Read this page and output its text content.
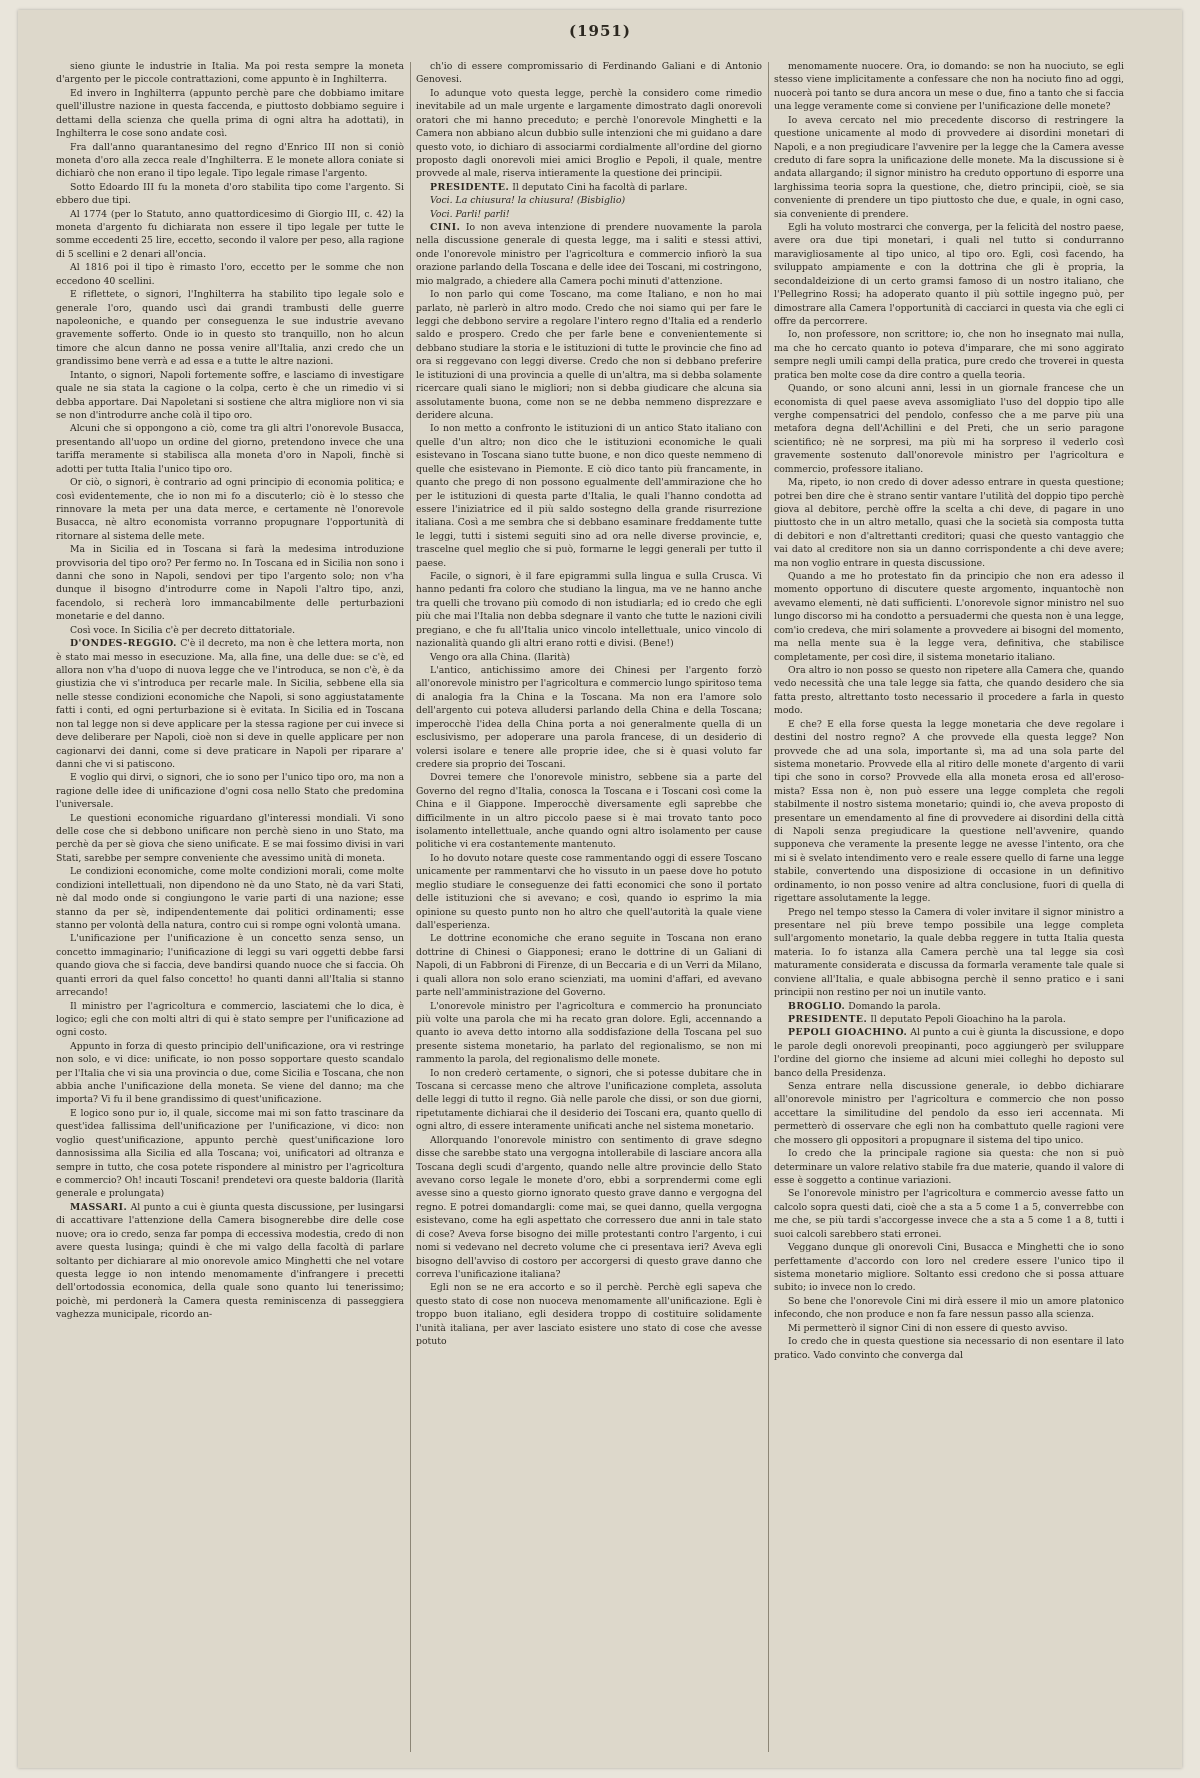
(1951)

sieno giunte le industrie in Italia. Ma poi resta sempre la moneta d'argento per le piccole contrattazioni, come appunto è in Inghilterra.

Ed invero in Inghilterra (appunto perchè pare che dobbiamo imitare quell'illustre nazione in questa faccenda, e piuttosto dobbiamo seguire i dettami della scienza che quella prima di ogni altra ha adottati), in Inghilterra le cose sono andate così.

Fra dall'anno quarantanesimo del regno d'Enrico III non si coniò moneta d'oro alla zecca reale d'Inghilterra. E le monete allora coniate si dichiarò che non erano il tipo legale. Tipo legale rimase l'argento.

Sotto Edoardo III fu la moneta d'oro stabilita tipo come l'argento. Si ebbero due tipi.

Al 1774 (per lo Statuto, anno quattordicesimo di Giorgio III, c. 42) la moneta d'argento fu dichiarata non essere il tipo legale per tutte le somme eccedenti 25 lire, eccetto, secondo il valore per peso, alla ragione di 5 scellini e 2 denari all'oncia.

Al 1816 poi il tipo è rimasto l'oro, eccetto per le somme che non eccedono 40 scellini.

E riflettete, o signori, l'Inghilterra ha stabilito tipo legale solo e generale l'oro, quando uscì dai grandi trambusti delle guerre napoleoniche, e quando per conseguenza le sue industrie avevano gravemente sofferto. Onde io in questo sto tranquillo, non ho alcun timore che alcun danno ne possa venire all'Italia, anzi credo che un grandissimo bene verrà e ad essa e a tutte le altre nazioni.

Intanto, o signori, Napoli fortemente soffre, e lasciamo di investigare quale ne sia stata la cagione o la colpa, certo è che un rimedio vi si debba apportare. Dai Napoletani si sostiene che altra migliore non vi sia se non d'introdurre anche colà il tipo oro.

Alcuni che si oppongono a ciò, come tra gli altri l'onorevole Busacca, presentando all'uopo un ordine del giorno, pretendono invece che una tariffa meramente si stabilisca alla moneta d'oro in Napoli, finchè si adotti per tutta Italia l'unico tipo oro.

Or ciò, o signori, è contrario ad ogni principio di economia politica; e così evidentemente, che io non mi fo a discuterlo; ciò è lo stesso che rinnovare la meta per una data merce, e certamente nè l'onorevole Busacca, nè altro economista vorranno propugnare l'opportunità di ritornare al sistema delle mete.

Ma in Sicilia ed in Toscana si farà la medesima introduzione provvisoria del tipo oro? Per fermo no. In Toscana ed in Sicilia non sono i danni che sono in Napoli, sendovi per tipo l'argento solo; non v'ha dunque il bisogno d'introdurre come in Napoli l'altro tipo, anzi, facendolo, si recherà loro immancabilmente delle perturbazioni monetarie e del danno.

Così voce. In Sicilia c'è per decreto dittatoriale.

D'ONDES-REGGIO. C'è il decreto, ma non è che lettera morta, non è stato mai messo in esecuzione. Ma, alla fine, una delle due: se c'è, ed allora non v'ha d'uopo di nuova legge che ve l'introduca, se non c'è, è da giustizia che vi s'introduca per recarle male. In Sicilia, sebbene ella sia nelle stesse condizioni economiche che Napoli, si sono aggiustatamente fatti i conti, ed ogni perturbazione si è evitata. In Sicilia ed in Toscana non tal legge non si deve applicare per la stessa ragione per cui invece si deve deliberare per Napoli, cioè non si deve in quelle applicare per non cagionarvi dei danni, come si deve praticare in Napoli per riparare a' danni che vi si patiscono.

E voglio qui dirvi, o signori, che io sono per l'unico tipo oro, ma non a ragione delle idee di unificazione d'ogni cosa nello Stato che predomina l'universale.

Le questioni economiche riguardano gl'interessi mondiali. Vi sono delle cose che si debbono unificare non perchè sieno in uno Stato, ma perchè da per sè giova che sieno unificate. E se mai fossimo divisi in vari Stati, sarebbe per sempre conveniente che avessimo unità di moneta.

Le condizioni economiche, come molte condizioni morali, come molte condizioni intellettuali, non dipendono nè da uno Stato, nè da vari Stati, nè dal modo onde si congiungono le varie parti di una nazione; esse stanno da per sè, indipendentemente dai politici ordinamenti; esse stanno per volontà della natura, contro cui si rompe ogni volontà umana.

L'unificazione per l'unificazione è un concetto senza senso, un concetto immaginario; l'unificazione di leggi su vari oggetti debbe farsi quando giova che si faccia, deve bandirsi quando nuoce che si faccia. Oh quanti errori da quel falso concetto! ho quanti danni all'Italia si stanno arrecando!

Il ministro per l'agricoltura e commercio, lasciatemi che lo dica, è logico; egli che con molti altri di qui è stato sempre per l'unificazione ad ogni costo.

Appunto in forza di questo principio dell'unificazione, ora vi restringe non solo, e vi dice: unificate, io non posso sopportare questo scandalo per l'Italia che vi sia una provincia o due, come Sicilia e Toscana, che non abbia anche l'unificazione della moneta. Se viene del danno; ma che importa? Vi fu il bene grandissimo di quest'unificazione.

E logico sono pur io, il quale, siccome mai mi son fatto trascinare da quest'idea fallissima dell'unificazione per l'unificazione, vi dico: non voglio quest'unificazione, appunto perchè quest'unificazione loro dannosissima alla Sicilia ed alla Toscana; voi, unificatori ad oltranza e sempre in tutto, che cosa potete rispondere al ministro per l'agricoltura e commercio? Oh! incauti Toscani! prendetevi ora queste baldoria (Ilarità generale e prolungata)

MASSARI. Al punto a cui è giunta questa discussione, per lusingarsi di accattivare l'attenzione della Camera bisognerebbe dire delle cose nuove; ora io credo, senza far pompa di eccessiva modestia, credo di non avere questa lusinga; quindi è che mi valgo della facoltà di parlare soltanto per dichiarare al mio onorevole amico Minghetti che nel votare questa legge io non intendo menomamente d'infrangere i precetti dell'ortodossia economica, della quale sono quanto lui tenerissimo; poichè, mi perdonerà la Camera questa reminiscenza di passeggiera vaghezza municipale, ricordo an-

ch'io di essere compromissario di Ferdinando Galiani e di Antonio Genovesi.

Io adunque voto questa legge, perchè la considero come rimedio inevitabile ad un male urgente e largamente dimostrato dagli onorevoli oratori che mi hanno preceduto; e perchè l'onorevole Minghetti e la Camera non abbiano alcun dubbio sulle intenzioni che mi guidano a dare questo voto, io dichiaro di associarmi cordialmente all'ordine del giorno proposto dagli onorevoli miei amici Broglio e Pepoli, il quale, mentre provvede al male, riserva intieramente la questione dei principii.

PRESIDENTE. Il deputato Cini ha facoltà di parlare.

Voci. La chiusura! la chiusura! (Bisbiglio)

Voci. Parli! parli!

CINI. Io non aveva intenzione di prendere nuovamente la parola nella discussione generale di questa legge, ma i saliti e stessi attivi, onde l'onorevole ministro per l'agricoltura e commercio infiorò la sua orazione parlando della Toscana e delle idee dei Toscani, mi costringono, mio malgrado, a chiedere alla Camera pochi minuti d'attenzione.

Io non parlo qui come Toscano, ma come Italiano, e non ho mai parlato, nè parlerò in altro modo. Credo che noi siamo qui per fare le leggi che debbono servire a regolare l'intero regno d'Italia ed a renderlo saldo e prospero. Credo che per farle bene e convenientemente si debbano studiare la storia e le istituzioni di tutte le provincie che fino ad ora si reggevano con leggi diverse. Credo che non si debbano preferire le istituzioni di una provincia a quelle di un'altra, ma si debba solamente ricercare quali siano le migliori; non si debba giudicare che alcuna sia assolutamente buona, come non se ne debba nemmeno disprezzare e deridere alcuna.

Io non metto a confronto le istituzioni di un antico Stato italiano con quelle d'un altro; non dico che le istituzioni economiche le quali esistevano in Toscana siano tutte buone, e non dico queste nemmeno di quelle che esistevano in Piemonte. E ciò dico tanto più francamente, in quanto che prego di non possono egualmente dell'ammirazione che ho per le istituzioni di questa parte d'Italia, le quali l'hanno condotta ad essere l'iniziatrice ed il più saldo sostegno della grande risurrezione italiana. Così a me sembra che si debbano esaminare freddamente tutte le leggi, tutti i sistemi seguiti sino ad ora nelle diverse provincie, e, trascelne quel meglio che si può, formarne le leggi generali per tutto il paese.

Facile, o signori, è il fare epigrammi sulla lingua e sulla Crusca. Vi hanno pedanti fra coloro che studiano la lingua, ma ve ne hanno anche tra quelli che trovano più comodo di non istudiarla; ed io credo che egli più che mai l'Italia non debba sdegnare il vanto che tutte le nazioni civili pregiano, e che fu all'Italia unico vincolo intellettuale, unico vincolo di nazionalità quando gli altri erano rotti e divisi. (Bene!)

Vengo ora alla China. (Ilarità)

L'antico, antichissimo amore dei Chinesi per l'argento forzò all'onorevole ministro per l'agricoltura e commercio lungo spiritoso tema di analogia fra la China e la Toscana. Ma non era l'amore solo dell'argento cui poteva alludersi parlando della China e della Toscana; imperocchè l'idea della China porta a noi generalmente quella di un esclusivismo, per adoperare una parola francese, di un desiderio di volersi isolare e tenere alle proprie idee, che si è quasi voluto far credere sia proprio dei Toscani.

Dovrei temere che l'onorevole ministro, sebbene sia a parte del Governo del regno d'Italia, conosca la Toscana e i Toscani così come la China e il Giappone. Imperocchè diversamente egli saprebbe che difficilmente in un altro piccolo paese si è mai trovato tanto poco isolamento intellettuale, anche quando ogni altro isolamento per cause politiche vi era costantemente mantenuto.

Io ho dovuto notare queste cose rammentando oggi di essere Toscano unicamente per rammentarvi che ho vissuto in un paese dove ho potuto meglio studiare le conseguenze dei fatti economici che sono il portato delle istituzioni che si avevano; e così, quando io esprimo la mia opinione su questo punto non ho altro che quell'autorità la quale viene dall'esperienza.

Le dottrine economiche che erano seguite in Toscana non erano dottrine di Chinesi o Giapponesi; erano le dottrine di un Galiani di Napoli, di un Fabbroni di Firenze, di un Beccaria e di un Verri da Milano, i quali allora non solo erano scienziati, ma uomini d'affari, ed avevano parte nell'amministrazione del Governo.

L'onorevole ministro per l'agricoltura e commercio ha pronunciato più volte una parola che mi ha recato gran dolore. Egli, accennando a quanto io aveva detto intorno alla soddisfazione della Toscana pel suo presente sistema monetario, ha parlato del regionalismo, se non mi rammento la parola, del regionalismo delle monete.

Io non crederò certamente, o signori, che si potesse dubitare che in Toscana si cercasse meno che altrove l'unificazione completa, assoluta delle leggi di tutto il regno. Già nelle parole che dissi, or son due giorni, ripetutamente dichiarai che il desiderio dei Toscani era, quanto quello di ogni altro, di essere interamente unificati anche nel sistema monetario.

Allorquando l'onorevole ministro con sentimento di grave sdegno disse che sarebbe stato una vergogna intollerabile di lasciare ancora alla Toscana degli scudi d'argento, quando nelle altre provincie dello Stato avevano corso legale le monete d'oro, ebbi a sorprendermi come egli avesse sino a questo giorno ignorato questo grave danno e vergogna del regno. E potrei domandargli: come mai, se quei danno, quella vergogna esistevano, come ha egli aspettato che corressero due anni in tale stato di cose? Aveva forse bisogno dei mille protestanti contro l'argento, i cui nomi si vedevano nel decreto volume che ci presentava ieri? Aveva egli bisogno dell'avviso di costoro per accorgersi di questo grave danno che correva l'unificazione italiana?

Egli non se ne era accorto e so il perchè. Perchè egli sapeva che questo stato di cose non nuoceva menomamente all'unificazione. Egli è troppo buon italiano, egli desidera troppo di costituire solidamente l'unità italiana, per aver lasciato esistere uno stato di cose che avesse potuto

menomamente nuocere. Ora, io domando: se non ha nuociuto, se egli stesso viene implicitamente a confessare che non ha nociuto fino ad oggi, nuocerà poi tanto se dura ancora un mese o due, fino a tanto che si faccia una legge veramente come si conviene per l'unificazione delle monete?

Io aveva cercato nel mio precedente discorso di restringere la questione unicamente al modo di provvedere ai disordini monetari di Napoli, e a non pregiudicare l'avvenire per la legge che la Camera avesse creduto di fare sopra la unificazione delle monete. Ma la discussione si è andata allargando; il signor ministro ha creduto opportuno di esporre una larghissima teoria sopra la questione, che, dietro principii, cioè, se sia conveniente di prendere un tipo piuttosto che due, e quale, in ogni caso, sia conveniente di prendere.

Egli ha voluto mostrarci che converga, per la felicità del nostro paese, avere ora due tipi monetari, i quali nel tutto si condurranno maravigliosamente al tipo unico, al tipo oro. Egli, così facendo, ha sviluppato ampiamente e con la dottrina che gli è propria, la secondaldeizione di un certo gramsi famoso di un nostro italiano, che l'Pellegrino Rossi; ha adoperato quanto il più sottile ingegno può, per dimostrare alla Camera l'opportunità di cacciarci in questa via che egli ci offre da percorrere.

Io, non professore, non scrittore; io, che non ho insegnato mai nulla, ma che ho cercato quanto io poteva d'imparare, che mi sono aggirato sempre negli umili campi della pratica, pure credo che troverei in questa pratica ben molte cose da dire contro a quella teoria.

Quando, or sono alcuni anni, lessi in un giornale francese che un economista di quel paese aveva assomigliato l'uso del doppio tipo alle verghe compensatrici del pendolo, confesso che a me parve più una metafora degna dell'Achillini e del Preti, che un serio paragone scientifico; nè ne sorpresi, ma più mi ha sorpreso il vederlo così gravemente sostenuto dall'onorevole ministro per l'agricoltura e commercio, professore italiano.

Ma, ripeto, io non credo di dover adesso entrare in questa questione; potrei ben dire che è strano sentir vantare l'utilità del doppio tipo perchè giova al debitore, perchè offre la scelta a chi deve, di pagare in uno piuttosto che in un altro metallo, quasi che la società sia composta tutta di debitori e non d'altrettanti creditori; quasi che questo vantaggio che vai dato al creditore non sia un danno corrispondente a chi deve avere; ma non voglio entrare in questa discussione.

Quando a me ho protestato fin da principio che non era adesso il momento opportuno di discutere queste argomento, inquantochè non avevamo elementi, nè dati sufficienti. L'onorevole signor ministro nel suo lungo discorso mi ha condotto a persuadermi che questa non è una legge, com'io credeva, che miri solamente a provvedere ai bisogni del momento, ma nella mente sua è la legge vera, definitiva, che stabilisce completamente, per così dire, il sistema monetario italiano.

Ora altro io non posso se questo non ripetere alla Camera che, quando vedo necessità che una tale legge sia fatta, che quando desidero che sia fatta presto, altrettanto tosto necessario il procedere a farla in questo modo.

E che? E ella forse questa la legge monetaria che deve regolare i destini del nostro regno? A che provvede ella questa legge? Non provvede che ad una sola, importante sì, ma ad una sola parte del sistema monetario. Provvede ella al ritiro delle monete d'argento di varii tipi che sono in corso? Provvede ella alla moneta erosa ed all'eroso-mista? Essa non è, non può essere una legge completa che regoli stabilmente il nostro sistema monetario; quindi io, che aveva proposto di presentare un emendamento al fine di provvedere ai disordini della città di Napoli senza pregiudicare la questione nell'avvenire, quando supponeva che veramente la presente legge ne avesse l'intento, ora che mi si è svelato intendimento vero e reale essere quello di farne una legge stabile, convertendo una disposizione di occasione in un definitivo ordinamento, io non posso venire ad altra conclusione, fuori di quella di rigettare assolutamente la legge.

Prego nel tempo stesso la Camera di voler invitare il signor ministro a presentare nel più breve tempo possibile una legge completa sull'argomento monetario, la quale debba reggere in tutta Italia questa materia. Io fo istanza alla Camera perchè una tal legge sia così maturamente considerata e discussa da formarla veramente tale quale si conviene all'Italia, e quale abbisogna perchè il senno pratico e i sani principii non restino per noi un inutile vanto.

BROGLIO. Domando la parola.

PRESIDENTE. Il deputato Pepoli Gioachino ha la parola.

PEPOLI GIOACHINO. Al punto a cui è giunta la discussione, e dopo le parole degli onorevoli preopinanti, poco aggiungerò per sviluppare l'ordine del giorno che insieme ad alcuni miei colleghi ho deposto sul banco della Presidenza.

Senza entrare nella discussione generale, io debbo dichiarare all'onorevole ministro per l'agricoltura e commercio che non posso accettare la similitudine del pendolo da esso ieri accennata. Mi permetterò di osservare che egli non ha combattuto quelle ragioni vere che mossero gli oppositori a propugnare il sistema del tipo unico.

Io credo che la principale ragione sia questa: che non si può determinare un valore relativo stabile fra due materie, quando il valore di esse è soggetto a continue variazioni.

Se l'onorevole ministro per l'agricoltura e commercio avesse fatto un calcolo sopra questi dati, cioè che a sta a 5 come 1 a 5, converrebbe con me che, se più tardi s'accorgesse invece che a sta a 5 come 1 a 8, tutti i suoi calcoli sarebbero stati erronei.

Veggano dunque gli onorevoli Cini, Busacca e Minghetti che io sono perfettamente d'accordo con loro nel credere essere l'unico tipo il sistema monetario migliore. Soltanto essi credono che si possa attuare subito; io invece non lo credo.

So bene che l'onorevole Cini mi dirà essere il mio un amore platonico infecondo, che non produce e non fa fare nessun passo alla scienza.

Mi permetterò il signor Cini di non essere di questo avviso.

Io credo che in questa questione sia necessario di non esentare il lato pratico. Vado convinto che converga dal
